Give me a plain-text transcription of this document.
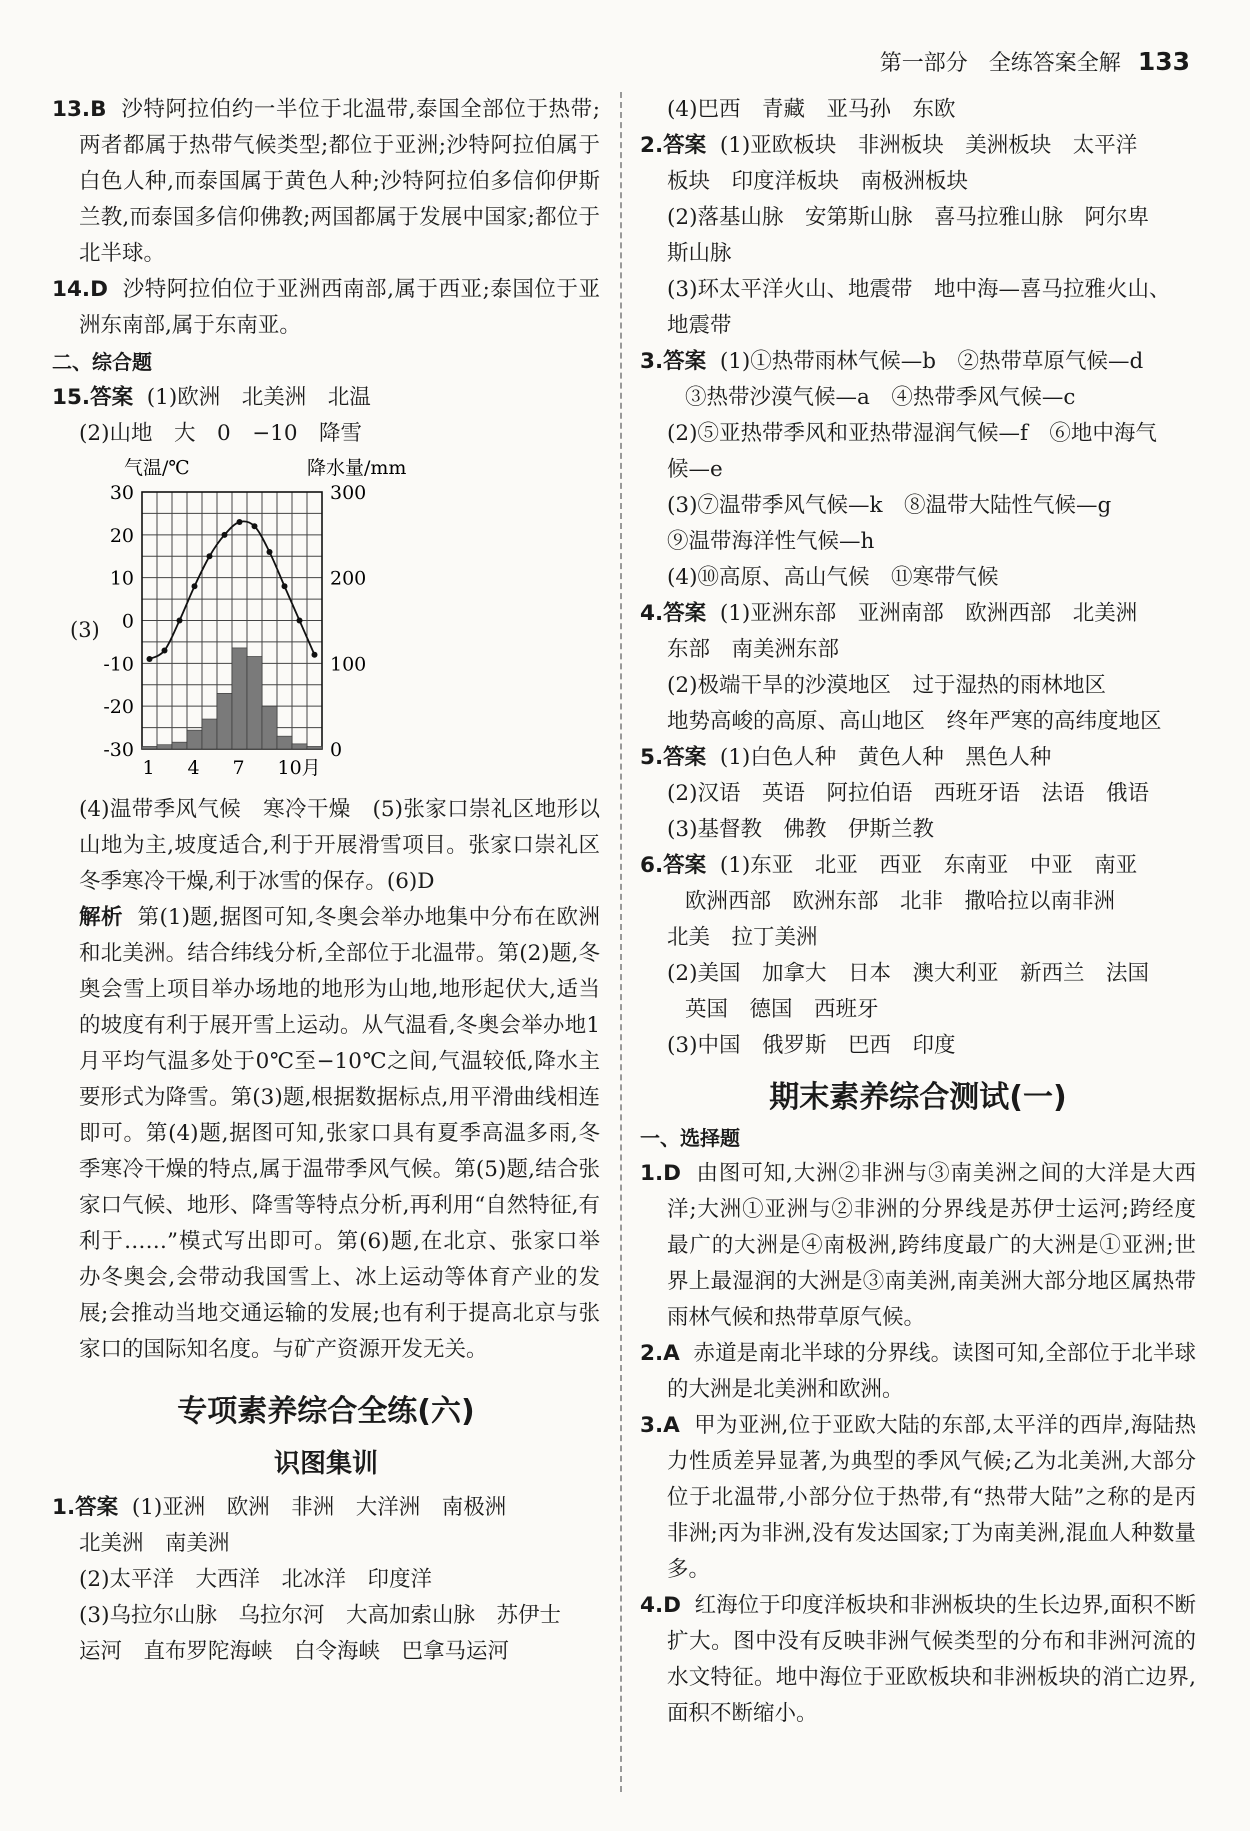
第一部分 全练答案全解 133

13.B 沙特阿拉伯约一半位于北温带,泰国全部位于热带;两者都属于热带气候类型;都位于亚洲;沙特阿拉伯属于白色人种,而泰国属于黄色人种;沙特阿拉伯多信仰伊斯兰教,而泰国多信仰佛教;两国都属于发展中国家;都位于北半球。

14.D 沙特阿拉伯位于亚洲西南部,属于西亚;泰国位于亚洲东南部,属于东南亚。

二、综合题

15.答案 (1)欧洲　北美洲　北温

(2)山地　大　0　−10　降雪

(3)
气温/℃	降水量/mm
30
20
10
0
-10
-20
-30
300
200
100
0
1 4 7 10月

(4)温带季风气候　寒冷干燥　(5)张家口崇礼区地形以山地为主,坡度适合,利于开展滑雪项目。张家口崇礼区冬季寒冷干燥,利于冰雪的保存。(6)D

解析 第(1)题,据图可知,冬奥会举办地集中分布在欧洲和北美洲。结合纬线分析,全部位于北温带。第(2)题,冬奥会雪上项目举办场地的地形为山地,地形起伏大,适当的坡度有利于展开雪上运动。从气温看,冬奥会举办地1月平均气温多处于0℃至−10℃之间,气温较低,降水主要形式为降雪。第(3)题,根据数据标点,用平滑曲线相连即可。第(4)题,据图可知,张家口具有夏季高温多雨,冬季寒冷干燥的特点,属于温带季风气候。第(5)题,结合张家口气候、地形、降雪等特点分析,再利用“自然特征,有利于……”模式写出即可。第(6)题,在北京、张家口举办冬奥会,会带动我国雪上、冰上运动等体育产业的发展;会推动当地交通运输的发展;也有利于提高北京与张家口的国际知名度。与矿产资源开发无关。

专项素养综合全练(六)

识图集训

1.答案 (1)亚洲　欧洲　非洲　大洋洲　南极洲

北美洲　南美洲

(2)太平洋　大西洋　北冰洋　印度洋

(3)乌拉尔山脉　乌拉尔河　大高加索山脉　苏伊士

运河　直布罗陀海峡　白令海峡　巴拿马运河

(4)巴西　青藏　亚马孙　东欧

2.答案 (1)亚欧板块　非洲板块　美洲板块　太平洋

板块　印度洋板块　南极洲板块

(2)落基山脉　安第斯山脉　喜马拉雅山脉　阿尔卑

斯山脉

(3)环太平洋火山、地震带　地中海—喜马拉雅火山、

地震带

3.答案 (1)①热带雨林气候—b　②热带草原气候—d

③热带沙漠气候—a　④热带季风气候—c

(2)⑤亚热带季风和亚热带湿润气候—f　⑥地中海气

候—e

(3)⑦温带季风气候—k　⑧温带大陆性气候—g

⑨温带海洋性气候—h

(4)⑩高原、高山气候　⑪寒带气候

4.答案 (1)亚洲东部　亚洲南部　欧洲西部　北美洲

东部　南美洲东部

(2)极端干旱的沙漠地区　过于湿热的雨林地区

地势高峻的高原、高山地区　终年严寒的高纬度地区

5.答案 (1)白色人种　黄色人种　黑色人种

(2)汉语　英语　阿拉伯语　西班牙语　法语　俄语

(3)基督教　佛教　伊斯兰教

6.答案 (1)东亚　北亚　西亚　东南亚　中亚　南亚

欧洲西部　欧洲东部　北非　撒哈拉以南非洲

北美　拉丁美洲

(2)美国　加拿大　日本　澳大利亚　新西兰　法国

英国　德国　西班牙

(3)中国　俄罗斯　巴西　印度

期末素养综合测试(一)

一、选择题

1.D 由图可知,大洲②非洲与③南美洲之间的大洋是大西洋;大洲①亚洲与②非洲的分界线是苏伊士运河;跨经度最广的大洲是④南极洲,跨纬度最广的大洲是①亚洲;世界上最湿润的大洲是③南美洲,南美洲大部分地区属热带雨林气候和热带草原气候。

2.A 赤道是南北半球的分界线。读图可知,全部位于北半球的大洲是北美洲和欧洲。

3.A 甲为亚洲,位于亚欧大陆的东部,太平洋的西岸,海陆热力性质差异显著,为典型的季风气候;乙为北美洲,大部分位于北温带,小部分位于热带,有“热带大陆”之称的是丙非洲;丙为非洲,没有发达国家;丁为南美洲,混血人种数量多。

4.D 红海位于印度洋板块和非洲板块的生长边界,面积不断扩大。图中没有反映非洲气候类型的分布和非洲河流的水文特征。地中海位于亚欧板块和非洲板块的消亡边界,面积不断缩小。
